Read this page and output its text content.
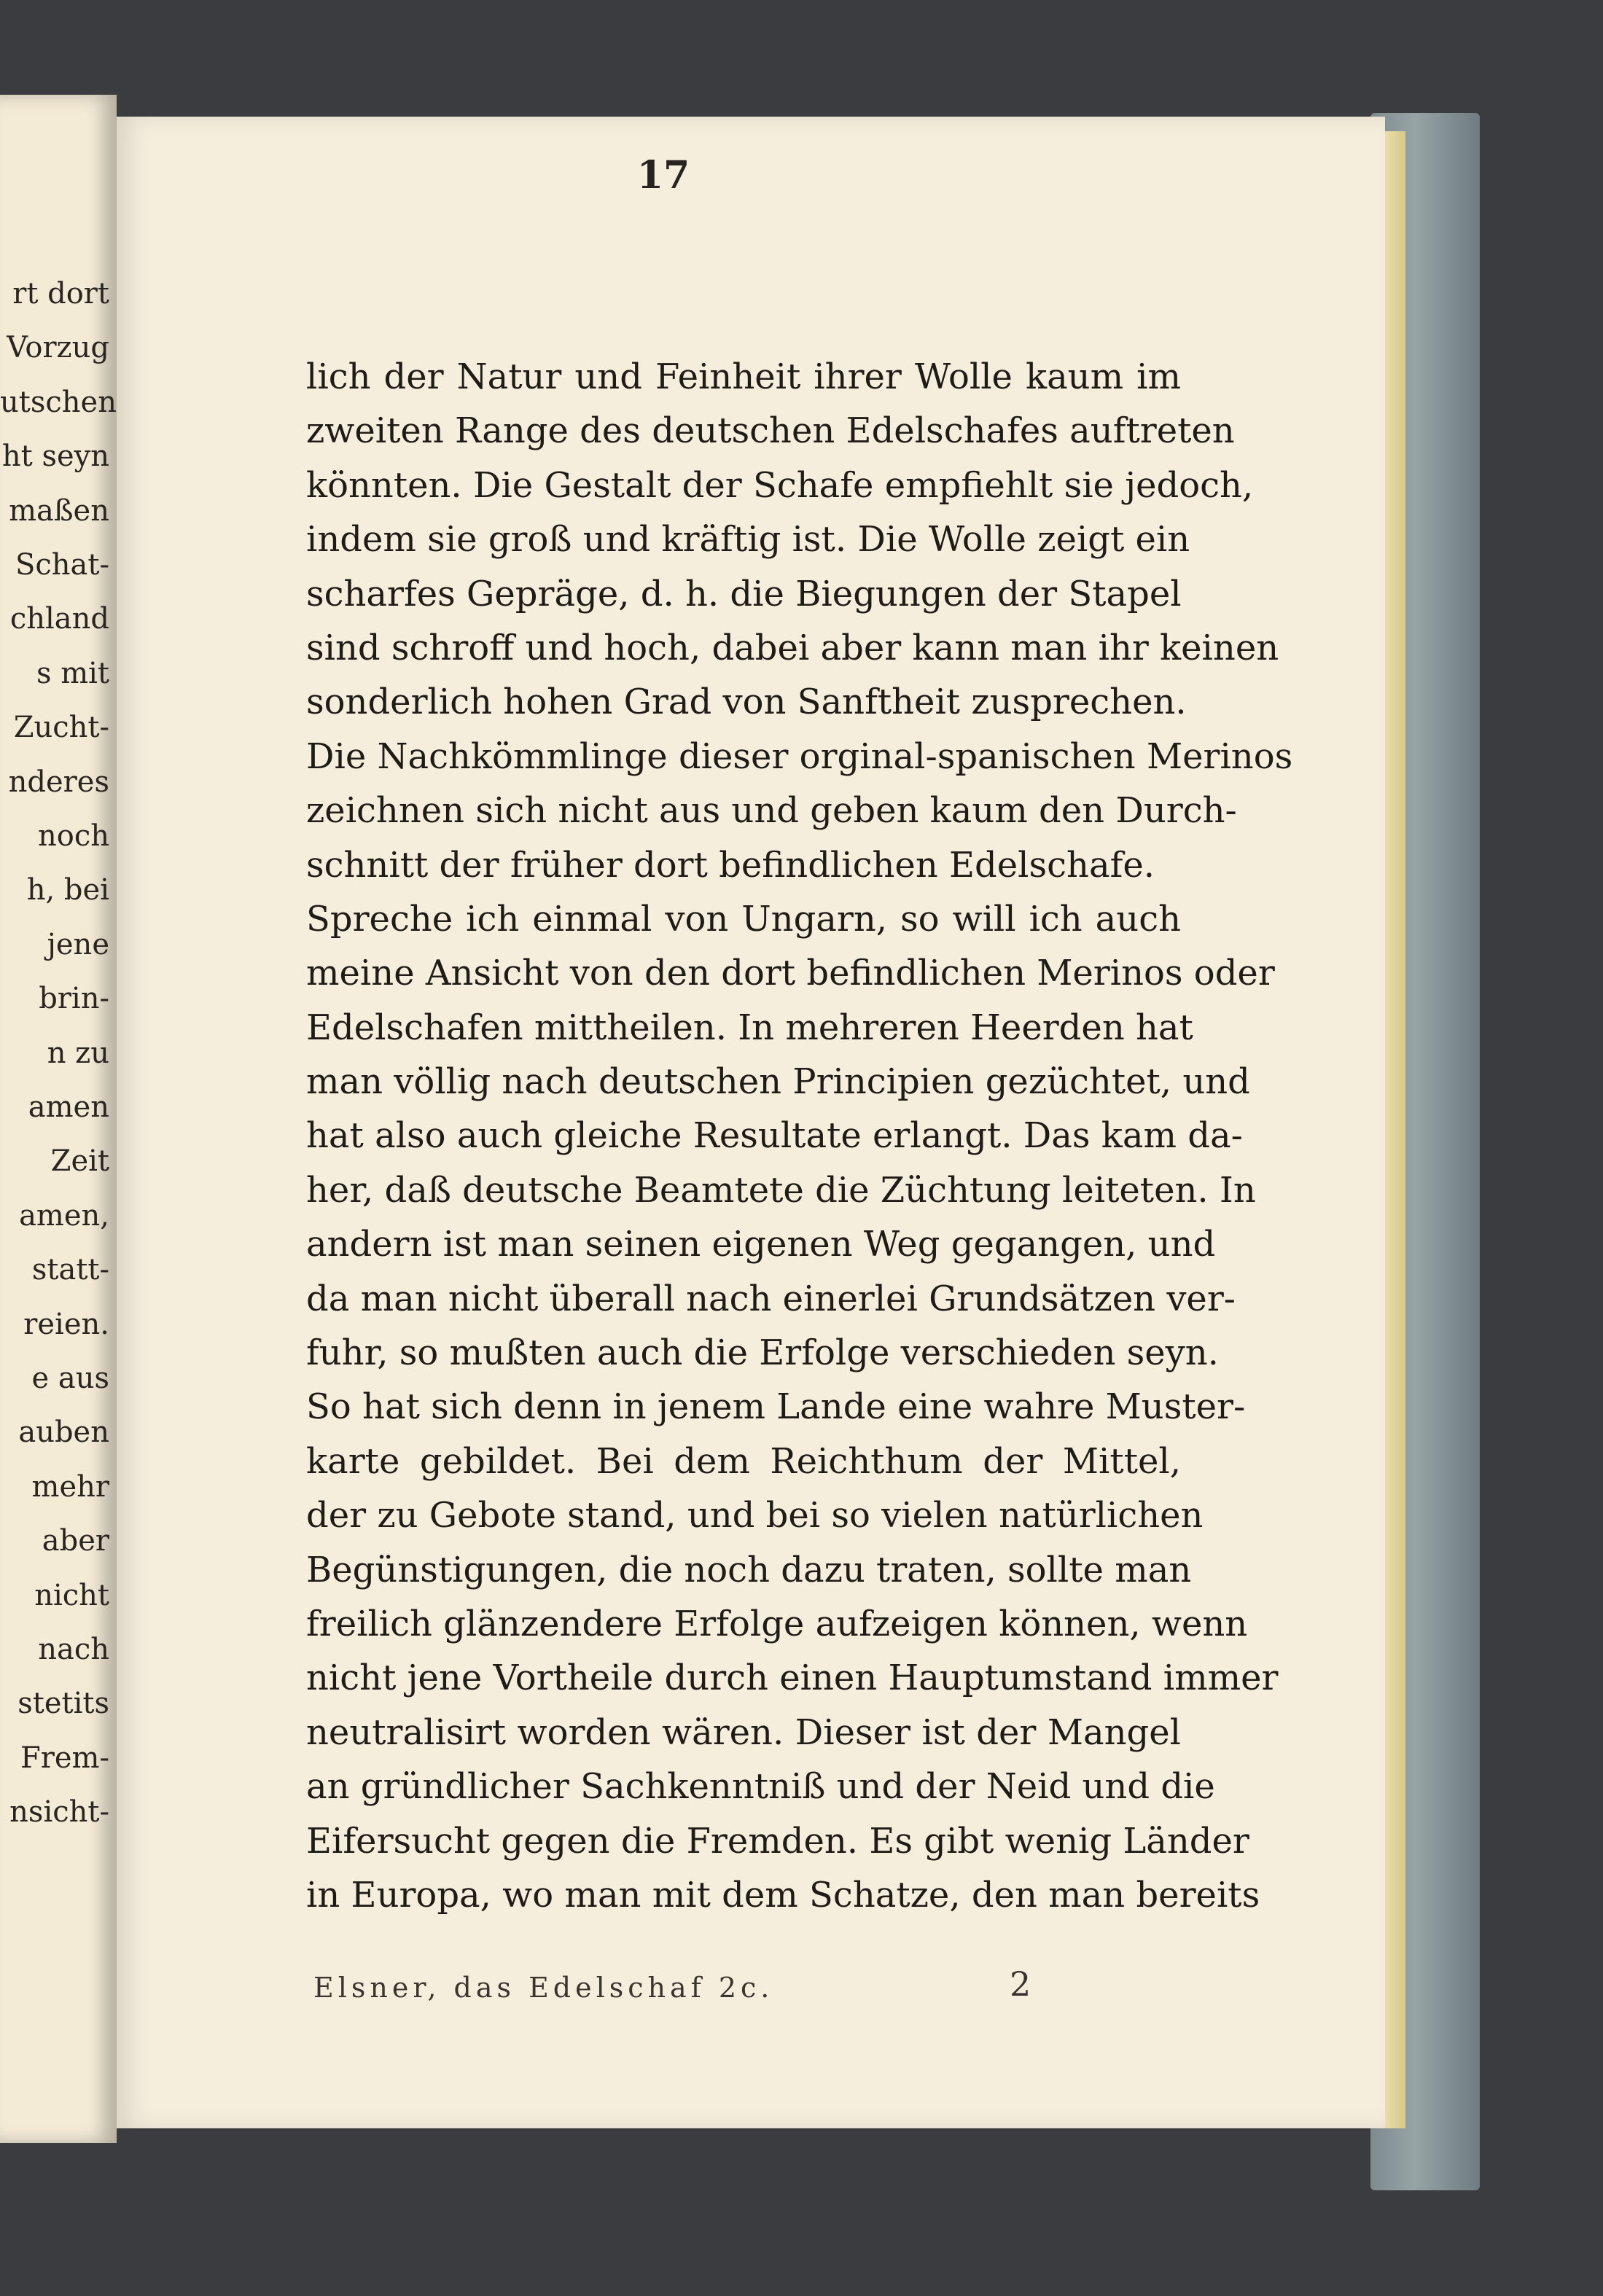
rt dort
Vorzug
utschen
ht seyn
maßen
Schat-
chland
s mit
Zucht-
nderes
noch
h, bei
jene
brin-
n zu
amen
Zeit
amen,
statt-
reien.
e aus
auben
mehr
aber
nicht
nach
stetits
Frem-
nsicht-
17
lich der Natur und Feinheit ihrer Wolle kaum im
zweiten Range des deutschen Edelschafes auftreten
könnten. Die Gestalt der Schafe empfiehlt sie jedoch,
indem sie groß und kräftig ist. Die Wolle zeigt ein
scharfes Gepräge, d. h. die Biegungen der Stapel
sind schroff und hoch, dabei aber kann man ihr keinen
sonderlich hohen Grad von Sanftheit zusprechen.
Die Nachkömmlinge dieser orginal-spanischen Merinos
zeichnen sich nicht aus und geben kaum den Durch-
schnitt der früher dort befindlichen Edelschafe.
Spreche ich einmal von Ungarn, so will ich auch
meine Ansicht von den dort befindlichen Merinos oder
Edelschafen mittheilen. In mehreren Heerden hat
man völlig nach deutschen Principien gezüchtet, und
hat also auch gleiche Resultate erlangt. Das kam da-
her, daß deutsche Beamtete die Züchtung leiteten. In
andern ist man seinen eigenen Weg gegangen, und
da man nicht überall nach einerlei Grundsätzen ver-
fuhr, so mußten auch die Erfolge verschieden seyn.
So hat sich denn in jenem Lande eine wahre Muster-
karte gebildet. Bei dem Reichthum der Mittel,
der zu Gebote stand, und bei so vielen natürlichen
Begünstigungen, die noch dazu traten, sollte man
freilich glänzendere Erfolge aufzeigen können, wenn
nicht jene Vortheile durch einen Hauptumstand immer
neutralisirt worden wären. Dieser ist der Mangel
an gründlicher Sachkenntniß und der Neid und die
Eifersucht gegen die Fremden. Es gibt wenig Länder
in Europa, wo man mit dem Schatze, den man bereits
Elsner, das Edelschaf 2c.	2
